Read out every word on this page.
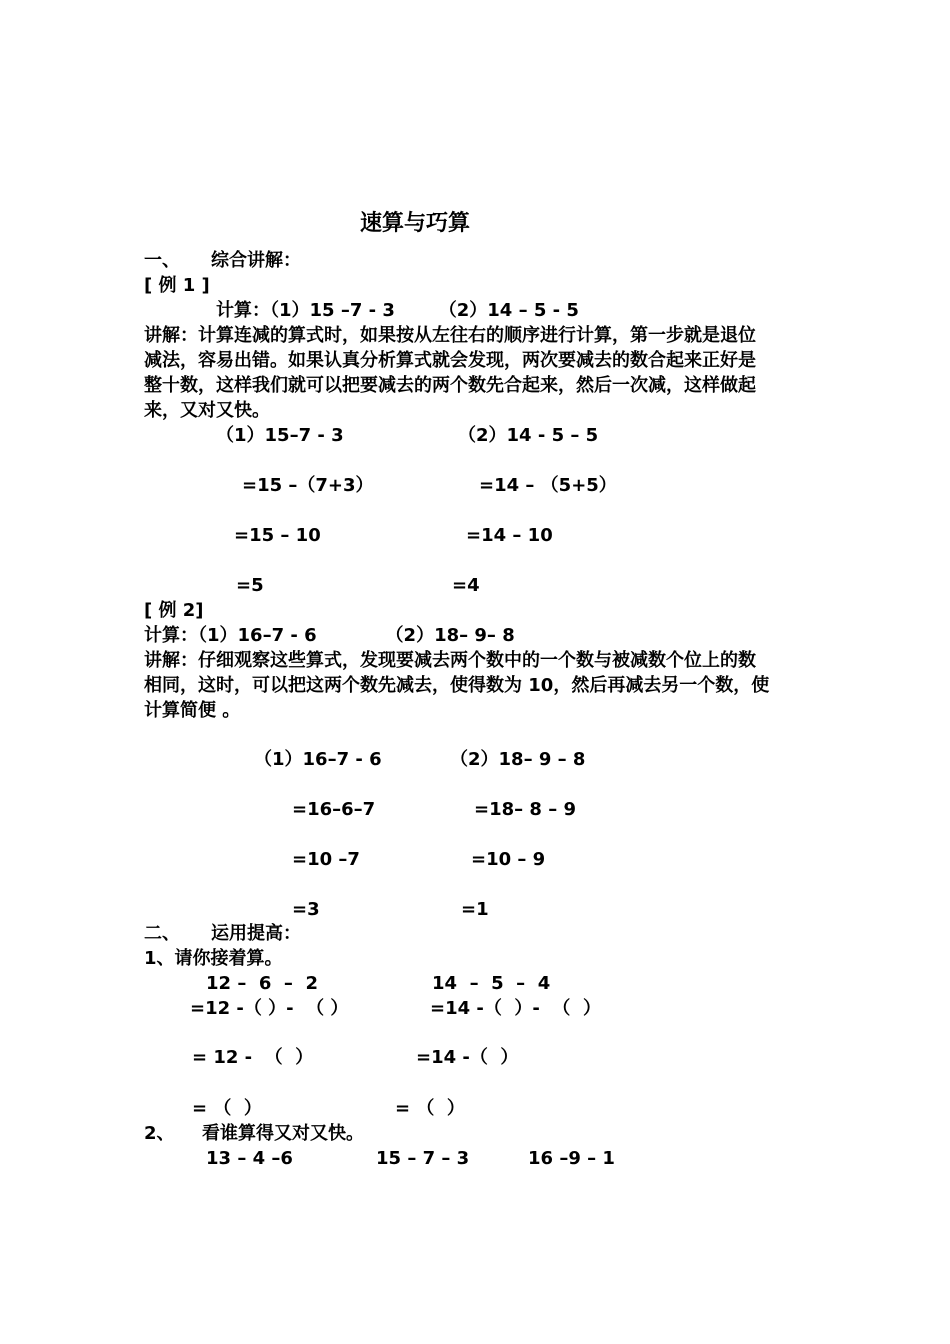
速算与巧算
一、 综合讲解：
[ 例 1 ]
计算：（1）15 –7 - 3       （2）14 – 5 - 5
讲解：计算连减的算式时，如果按从左往右的顺序进行计算，第一步就是退位
减法，容易出错。如果认真分析算式就会发现，两次要减去的数合起来正好是
整十数，这样我们就可以把要减去的两个数先合起来，然后一次减，这样做起
来，又对又快。
（1）15–7 - 3
=15 –（7+3）
=15 – 10
=5
（2）14 - 5 – 5
=14 – （5+5）
=14 – 10
=4
[ 例 2]
计算：（1）16–7 - 6           （2）18– 9– 8
讲解：仔细观察这些算式，发现要减去两个数中的一个数与被减数个位上的数
相同，这时，可以把这两个数先减去，使得数为 10，然后再减去另一个数，使
计算简便 。
（1）16–7 - 6
=16–6–7
=10 –7
=3
（2）18– 9 – 8
=18– 8 – 9
=10 – 9
=1
二、 运用提高：
1、请你接着算。
12 –  6  –  2
=12 -（ ）-  （ ）
= 12 -  （  ）
= （  ）
14  –  5  –  4
=14 -（  ）-  （  ）
=14 -（  ）
= （  ）
2、 看谁算得又对又快。
13 – 4 –6	15 – 7 – 3	16 –9 – 1
